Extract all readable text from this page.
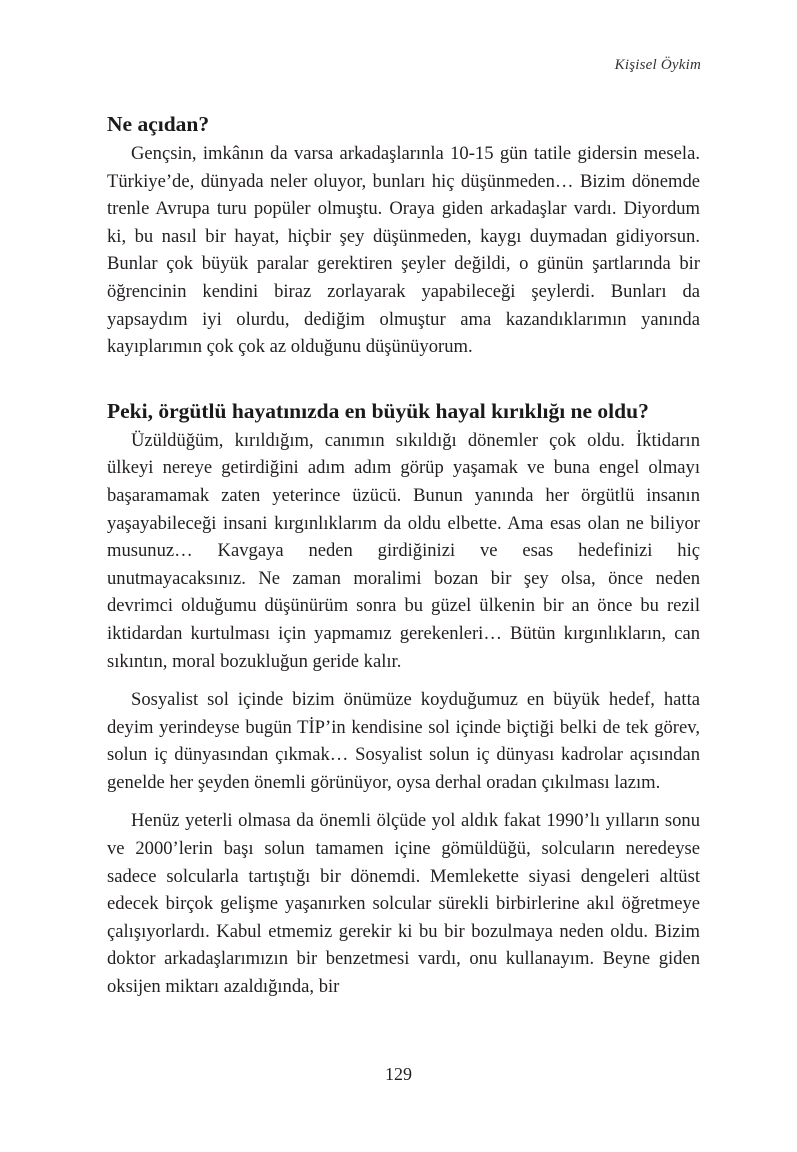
Kişisel Öykim
Ne açıdan?

Gençsin, imkânın da varsa arkadaşlarınla 10-15 gün tatile gidersin mesela. Türkiye’de, dünyada neler oluyor, bunları hiç düşünmeden… Bizim dönemde trenle Avrupa turu popüler olmuştu. Oraya giden arkadaşlar vardı. Diyordum ki, bu nasıl bir hayat, hiçbir şey düşünmeden, kaygı duymadan gidiyorsun. Bunlar çok büyük paralar gerektiren şeyler değildi, o günün şartlarında bir öğrencinin kendini biraz zorlayarak yapabileceği şeylerdi. Bunları da yapsaydım iyi olurdu, dediğim olmuştur ama kazandıklarımın yanında kayıplarımın çok çok az olduğunu düşünüyorum.

Peki, örgütlü hayatınızda en büyük hayal kırıklığı ne oldu?

Üzüldüğüm, kırıldığım, canımın sıkıldığı dönemler çok oldu. İktidarın ülkeyi nereye getirdiğini adım adım görüp yaşamak ve buna engel olmayı başaramamak zaten yeterince üzücü. Bunun yanında her örgütlü insanın yaşayabileceği insani kırgınlıklarım da oldu elbette. Ama esas olan ne biliyor musunuz… Kavgaya neden girdiğinizi ve esas hedefinizi hiç unutmayacaksınız. Ne zaman moralimi bozan bir şey olsa, önce neden devrimci olduğumu düşünürüm sonra bu güzel ülkenin bir an önce bu rezil iktidardan kurtulması için yapmamız gerekenleri… Bütün kırgınlıkların, can sıkıntın, moral bozukluğun geride kalır.

Sosyalist sol içinde bizim önümüze koyduğumuz en büyük hedef, hatta deyim yerindeyse bugün TİP’in kendisine sol içinde biçtiği belki de tek görev, solun iç dünyasından çıkmak… Sosyalist solun iç dünyası kadrolar açısından genelde her şeyden önemli görünüyor, oysa derhal oradan çıkılması lazım.

Henüz yeterli olmasa da önemli ölçüde yol aldık fakat 1990’lı yılların sonu ve 2000’lerin başı solun tamamen içine gömüldüğü, solcuların neredeyse sadece solcularla tartıştığı bir dönemdi. Memlekette siyasi dengeleri altüst edecek birçok gelişme yaşanırken solcular sürekli birbirlerine akıl öğretmeye çalışıyorlardı. Kabul etmemiz gerekir ki bu bir bozulmaya neden oldu. Bizim doktor arkadaşlarımızın bir benzetmesi vardı, onu kullanayım. Beyne giden oksijen miktarı azaldığında, bir

129
